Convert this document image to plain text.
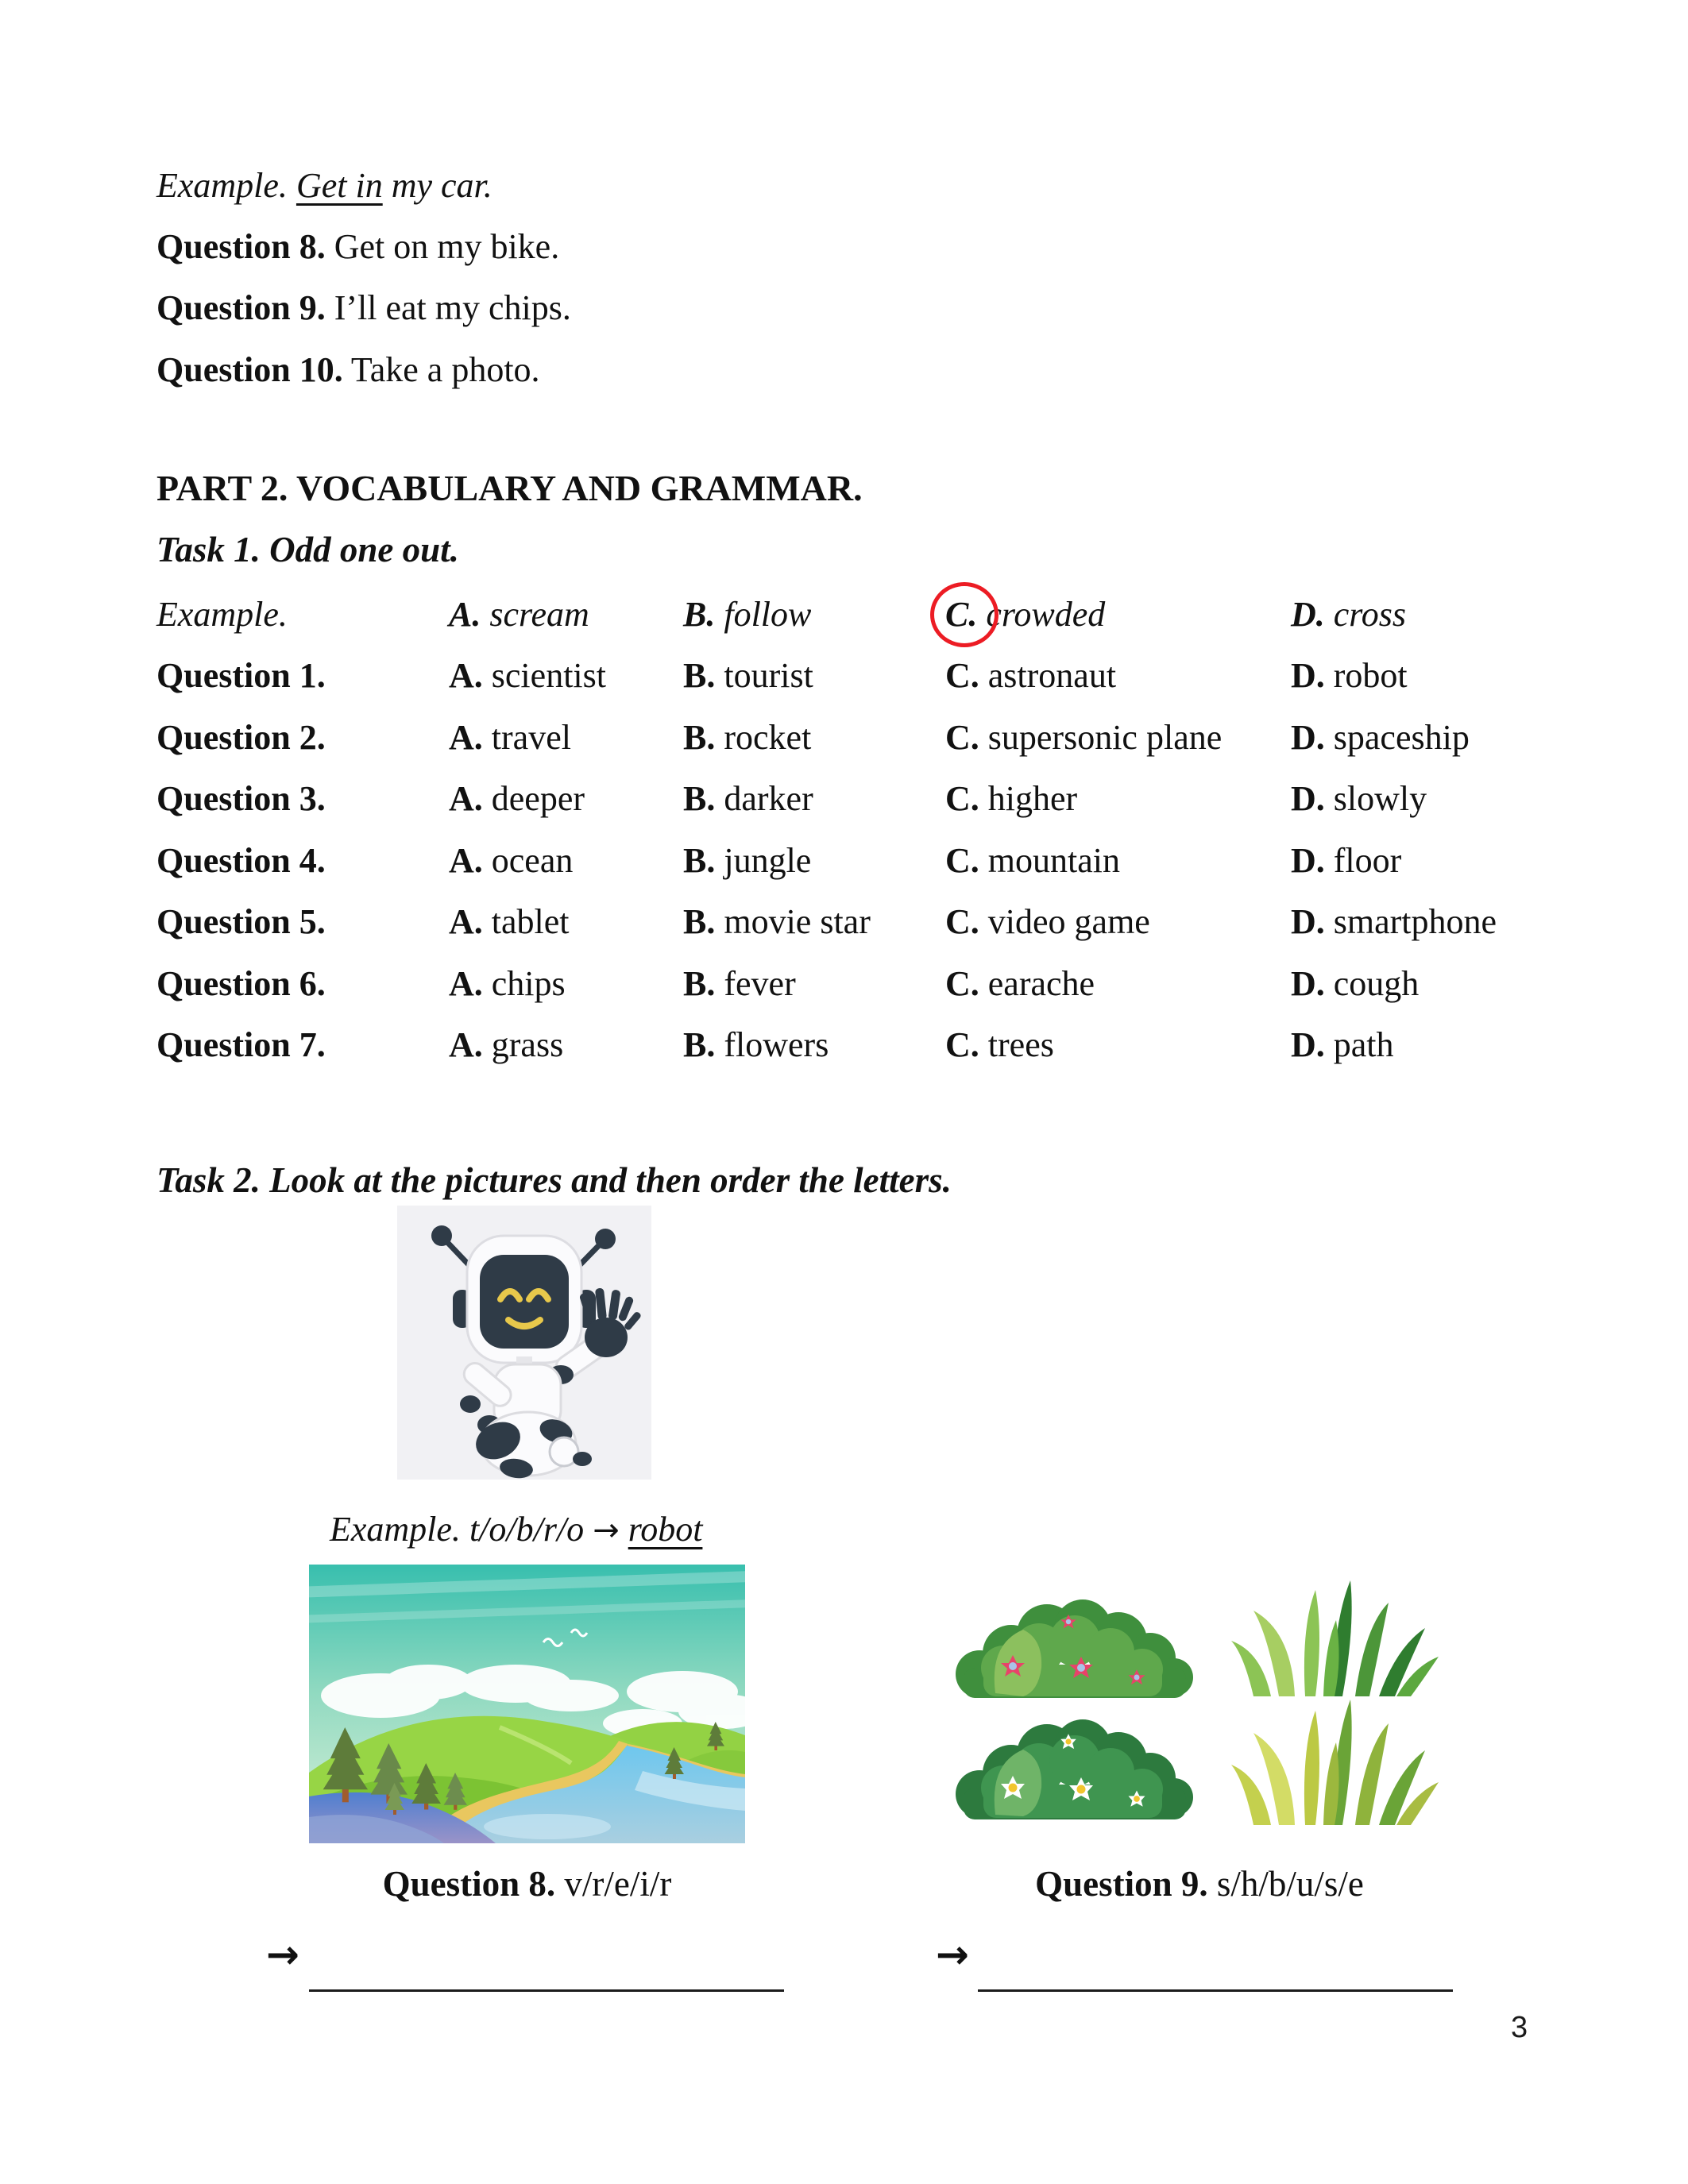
Example. Get in my car.
Question 8. Get on my bike.
Question 9. I’ll eat my chips.
Question 10. Take a photo.
PART 2. VOCABULARY AND GRAMMAR.
Task 1. Odd one out.
Example.	A. scream	B. follow	C. crowded	D. cross
Question 1.	A. scientist B. tourist	C. astronaut	D. robot
Question 2.	A. travel	B. rocket	C. supersonic plane D. spaceship
Question 3.	A. deeper	B. darker	C. higher	D. slowly
Question 4.	A. ocean	B. jungle	C. mountain	D. floor
Question 5.	A. tablet	B. movie star C. video game	D. smartphone
Question 6.	A. chips	B. fever	C. earache	D. cough
Question 7.	A. grass	B. flowers	C. trees	D. path
Task 2. Look at the pictures and then order the letters.
Example. t/o/b/r/o → robot
Question 8. v/r/e/i/r	Question 9. s/h/b/u/s/e
→	→
3
